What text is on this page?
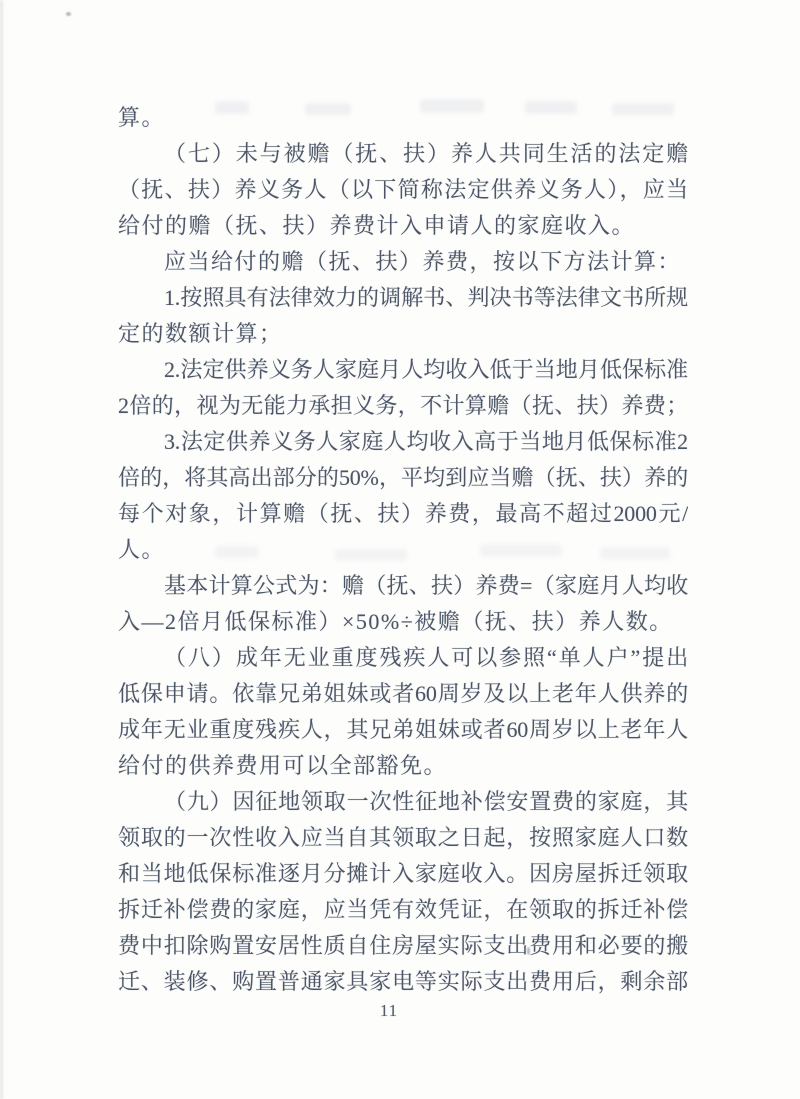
算。
（七）未与被赡（抚、扶）养人共同生活的法定赡
（抚、扶）养义务人（以下简称法定供养义务人），应当
给付的赡（抚、扶）养费计入申请人的家庭收入。
应当给付的赡（抚、扶）养费，按以下方法计算：
1.按照具有法律效力的调解书、判决书等法律文书所规
定的数额计算；
2.法定供养义务人家庭月人均收入低于当地月低保标准
2倍的，视为无能力承担义务，不计算赡（抚、扶）养费；
3.法定供养义务人家庭人均收入高于当地月低保标准2
倍的，将其高出部分的50%，平均到应当赡（抚、扶）养的
每个对象，计算赡（抚、扶）养费，最高不超过2000元/
人。
基本计算公式为：赡（抚、扶）养费=（家庭月人均收
入—2倍月低保标准）×50%÷被赡（抚、扶）养人数。
（八）成年无业重度残疾人可以参照“单人户”提出
低保申请。依靠兄弟姐妹或者60周岁及以上老年人供养的
成年无业重度残疾人，其兄弟姐妹或者60周岁以上老年人
给付的供养费用可以全部豁免。
（九）因征地领取一次性征地补偿安置费的家庭，其
领取的一次性收入应当自其领取之日起，按照家庭人口数
和当地低保标准逐月分摊计入家庭收入。因房屋拆迁领取
拆迁补偿费的家庭，应当凭有效凭证，在领取的拆迁补偿
费中扣除购置安居性质自住房屋实际支出费用和必要的搬
迁、装修、购置普通家具家电等实际支出费用后，剩余部
11
